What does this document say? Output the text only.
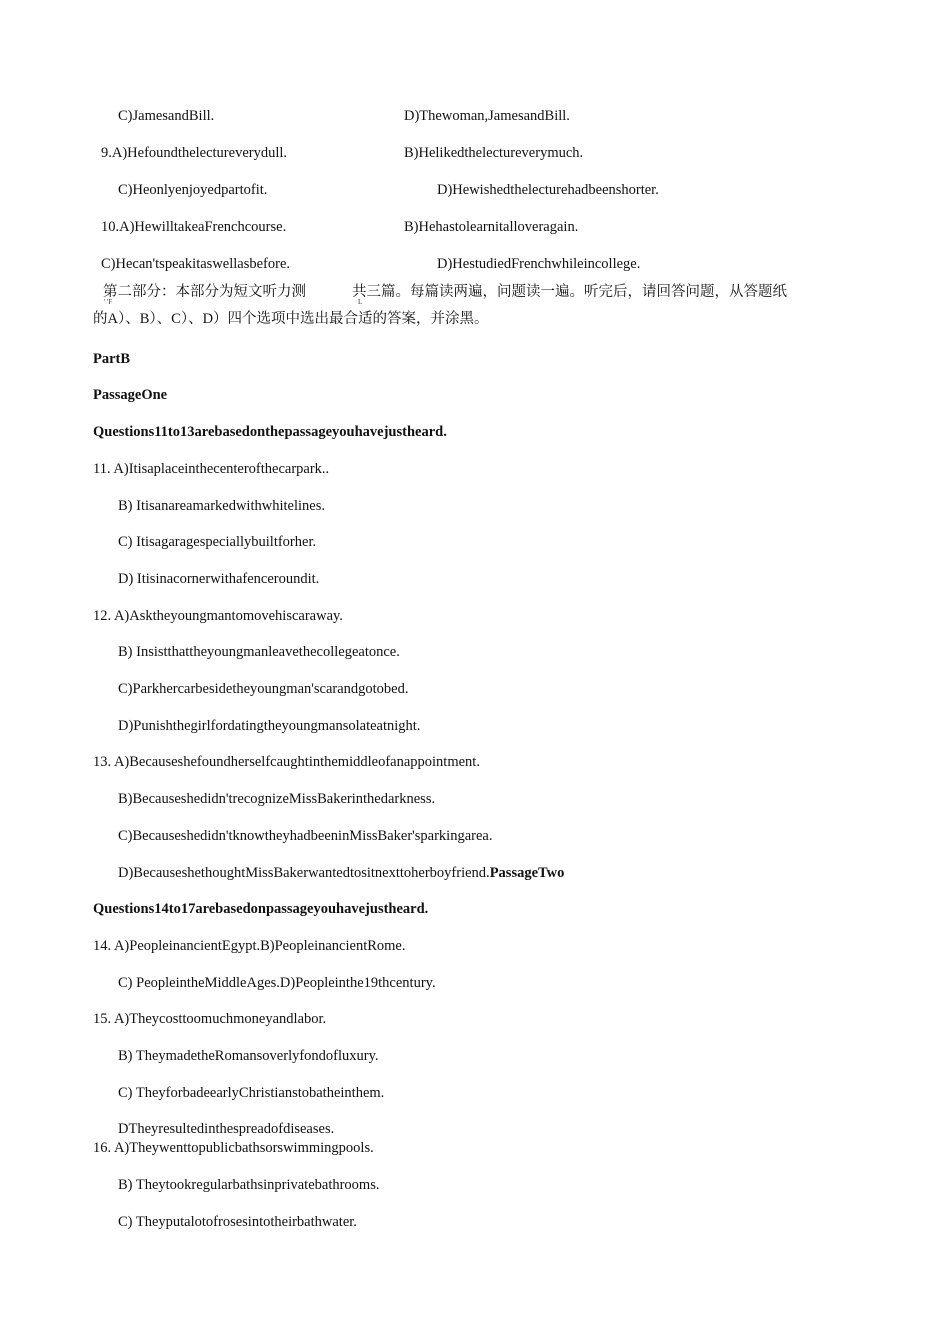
C)JamesandBill.	D)Thewoman,JamesandBill.
9.A)Hefoundthelectureverydull.	B)Helikedthelectureverymuch.
C)Heonlyenjoyedpartofit.	D)Hewishedthelecturehadbeenshorter.
10.A)HewilltakeaFrenchcourse.	B)Hehastolearnitalloveragain.
C)Hecan'tspeakitaswellasbefore.	D)HestudiedFrenchwhileincollege.
第二部分：本部分为短文听力测	共三篇。每篇读两遍，问题读一遍。听完后，请回答问题，从答题纸
的A）、B）、C）、D）四个选项中选出最合适的答案，并涂黑。
' 'F	L
PartB
PassageOne
Questions11to13arebasedonthepassageyouhavejustheard.
11. A)Itisaplaceinthecenterofthecarpark..
B) Itisanareamarkedwithwhitelines.
C) Itisagaragespeciallybuiltforher.
D) Itisinacornerwithafenceroundit.
12. A)Asktheyoungmantomovehiscaraway.
B) Insistthattheyoungmanleavethecollegeatonce.
C)Parkhercarbesidetheyoungman'scarandgotobed.
D)Punishthegirlfordatingtheyoungmansolateatnight.
13. A)Becauseshefoundherselfcaughtinthemiddleofanappointment.
B)Becauseshedidn'trecognizeMissBakerinthedarkness.
C)Becauseshedidn'tknowtheyhadbeeninMissBaker'sparkingarea.
D)BecauseshethoughtMissBakerwantedtositnexttoherboyfriend.PassageTwo
Questions14to17arebasedonpassageyouhavejustheard.
14. A)PeopleinancientEgypt.B)PeopleinancientRome.
C) PeopleintheMiddleAges.D)Peopleinthe19thcentury.
15. A)Theycosttoomuchmoneyandlabor.
B) TheymadetheRomansoverlyfondofluxury.
C) TheyforbadeearlyChristianstobatheinthem.
DTheyresultedinthespreadofdiseases.
16. A)Theywenttopublicbathsorswimmingpools.
B) Theytookregularbathsinprivatebathrooms.
C) Theyputalotofrosesintotheirbathwater.
